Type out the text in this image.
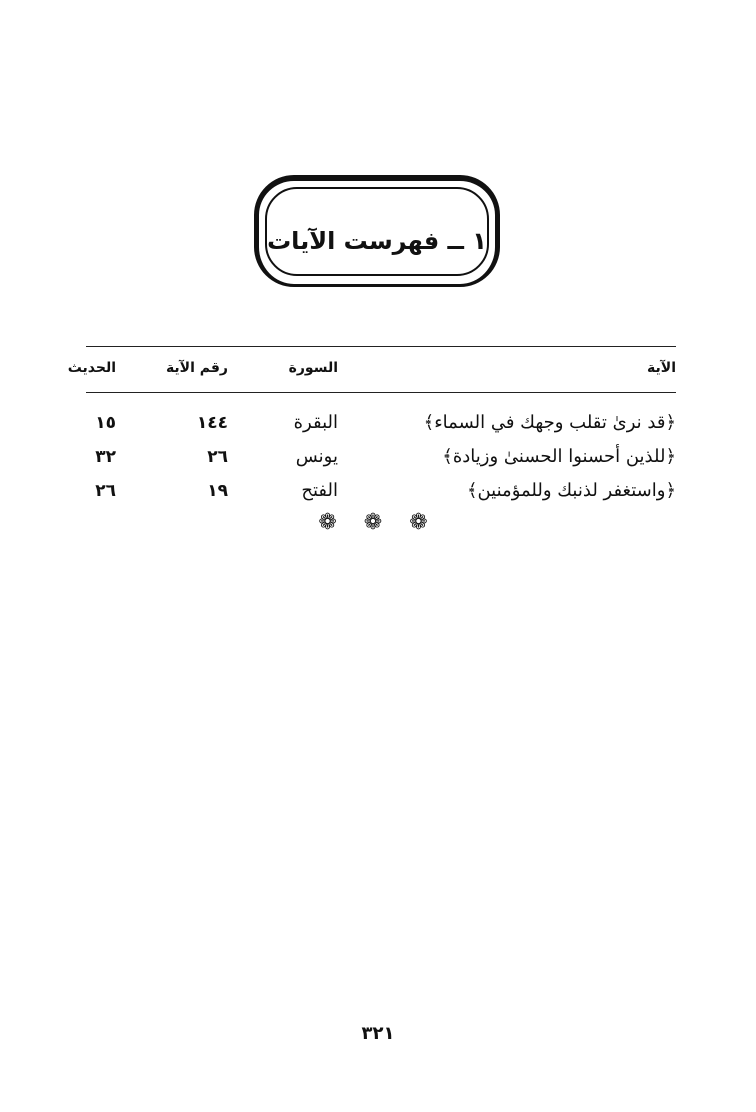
١ ــ فهرست الآيات
الآية
السورة
رقم الآية
الحديث
﴿قد نرىٰ تقلب وجهك في السماء﴾
البقرة
١٤٤
١٥
﴿للذين أحسنوا الحسنىٰ وزيادة﴾
يونس
٢٦
٣٢
﴿واستغفر لذنبك وللمؤمنين﴾
الفتح
١٩
٢٦
❁ ❁ ❁
٣٢١
